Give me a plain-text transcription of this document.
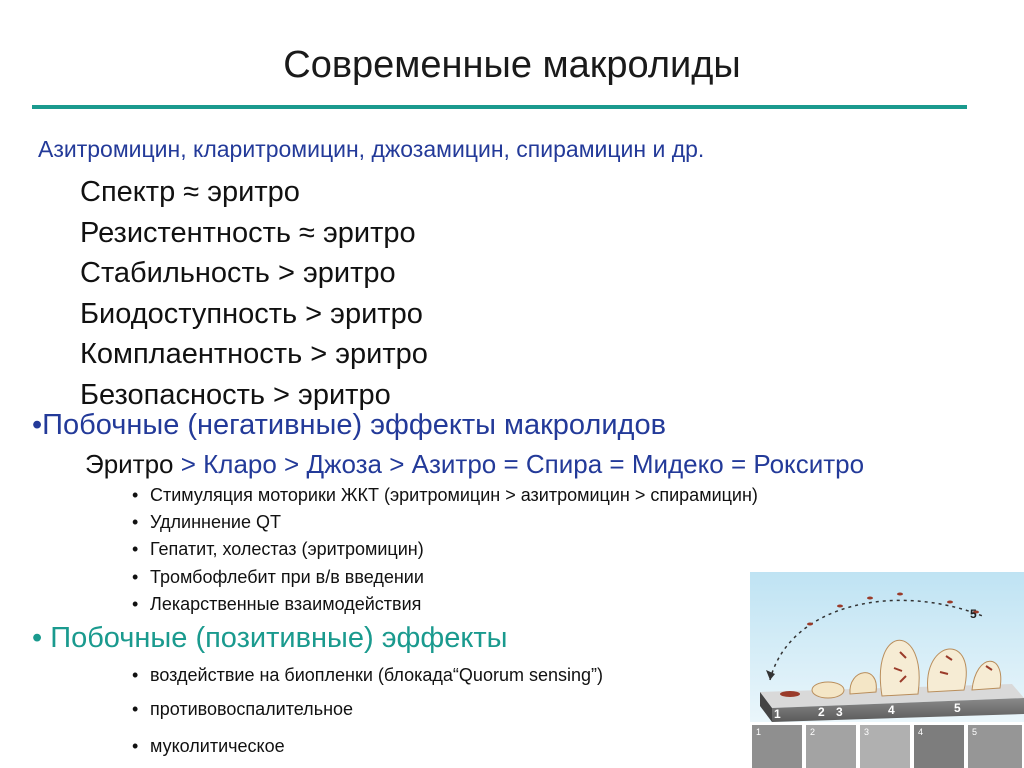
Современные макролиды
Азитромицин, кларитромицин, джозамицин, спирамицин и др.
Спектр ≈ эритро
Резистентность ≈ эритро
Стабильность > эритро
Биодоступность > эритро
Комплаентность > эритро
Безопасность > эритро
•Побочные (негативные) эффекты макролидов
Эритро > Кларо > Джоза > Азитро = Спира = Мидеко = Рокситро
• Стимуляция моторики ЖКТ (эритромицин > азитромицин > спирамицин)
• Удлиннение QT
• Гепатит, холестаз (эритромицин)
• Тромбофлебит при в/в введении
• Лекарственные взаимодействия
• Побочные (позитивные) эффекты
• воздействие на биопленки (блокада“Quorum sensing”)
• противовоспалительное
• муколитическое
5
1	2 3	4	5
1	2	3	4	5
